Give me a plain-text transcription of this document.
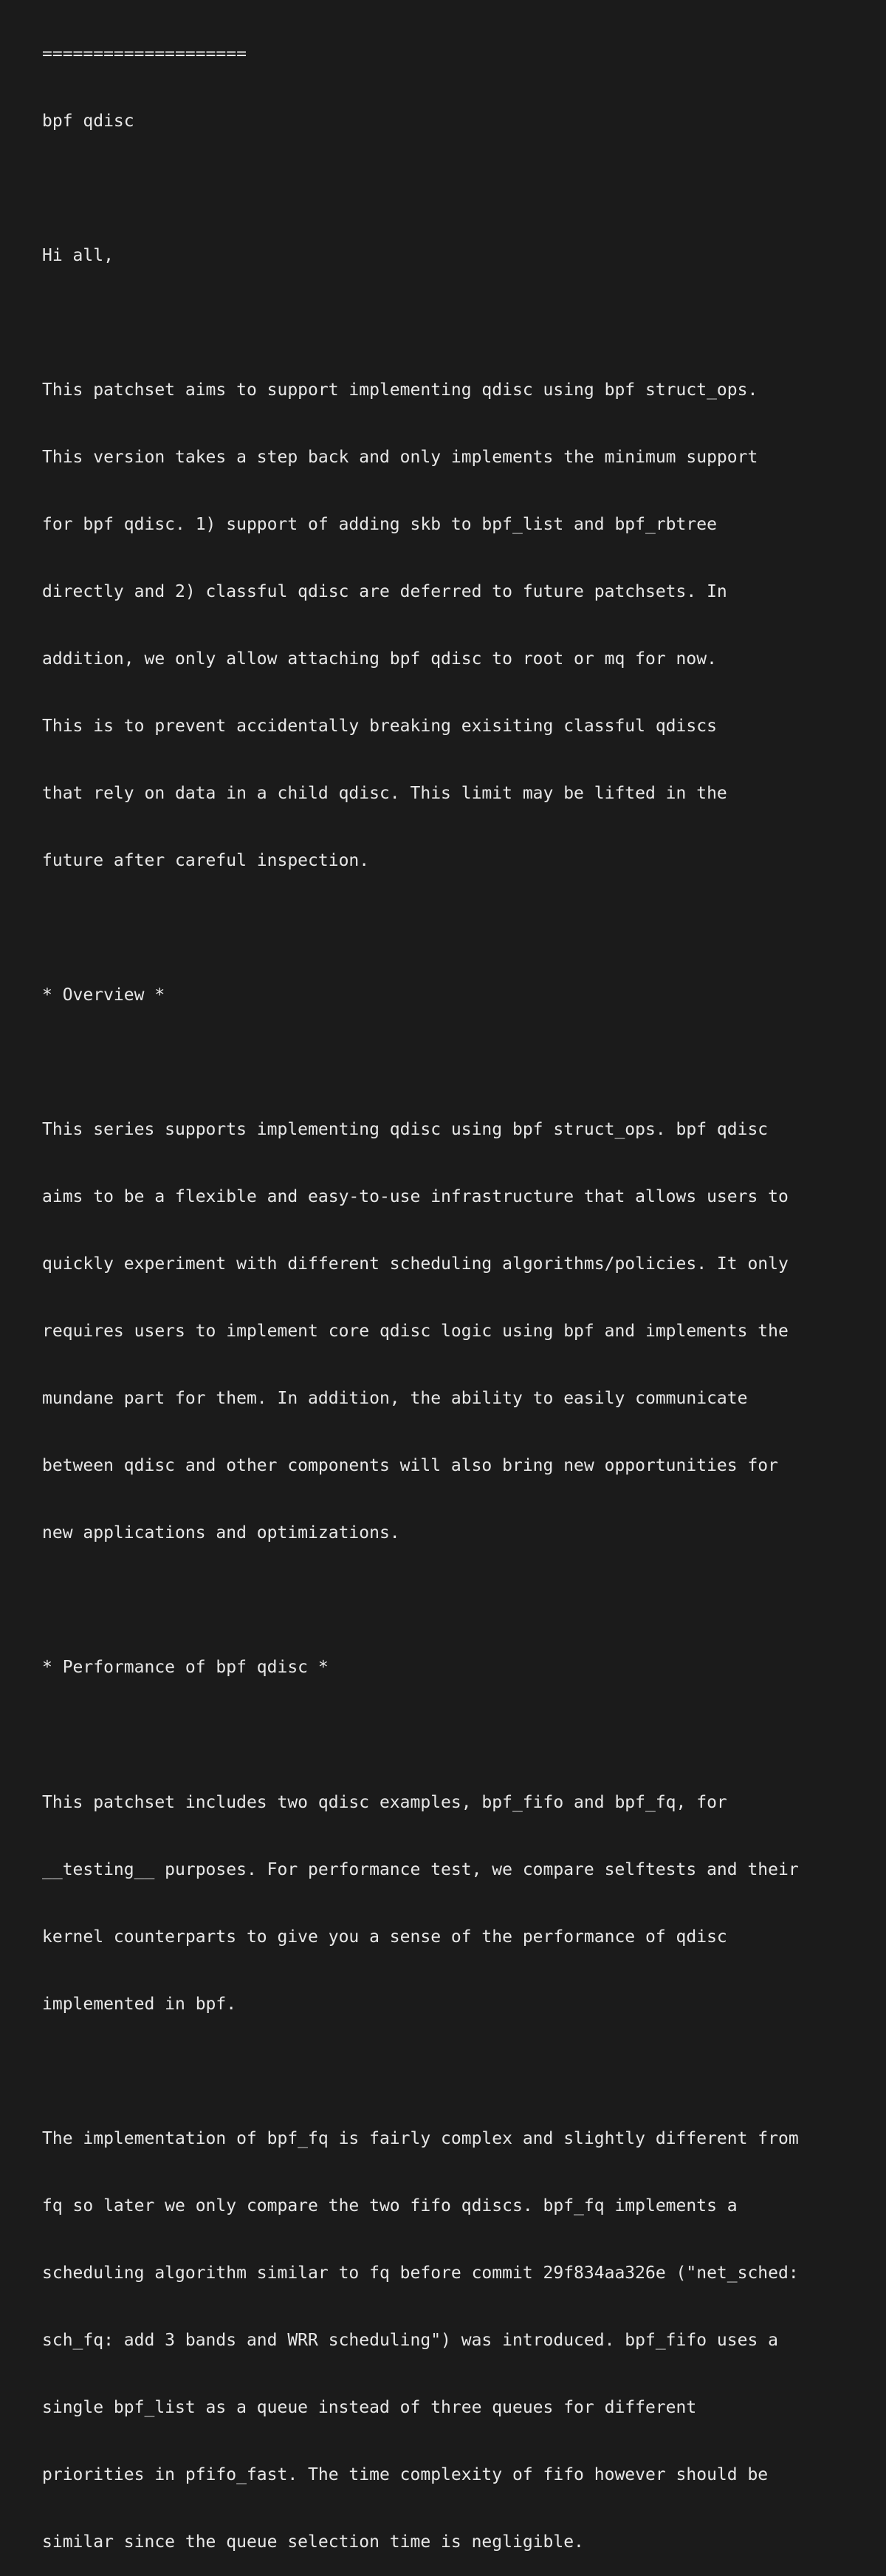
====================

bpf qdisc

Hi all,

This patchset aims to support implementing qdisc using bpf struct_ops.

This version takes a step back and only implements the minimum support

for bpf qdisc. 1) support of adding skb to bpf_list and bpf_rbtree

directly and 2) classful qdisc are deferred to future patchsets. In

addition, we only allow attaching bpf qdisc to root or mq for now.

This is to prevent accidentally breaking exisiting classful qdiscs

that rely on data in a child qdisc. This limit may be lifted in the

future after careful inspection.

* Overview *

This series supports implementing qdisc using bpf struct_ops. bpf qdisc

aims to be a flexible and easy-to-use infrastructure that allows users to

quickly experiment with different scheduling algorithms/policies. It only

requires users to implement core qdisc logic using bpf and implements the

mundane part for them. In addition, the ability to easily communicate

between qdisc and other components will also bring new opportunities for

new applications and optimizations.

* Performance of bpf qdisc *

This patchset includes two qdisc examples, bpf_fifo and bpf_fq, for

__testing__ purposes. For performance test, we compare selftests and their

kernel counterparts to give you a sense of the performance of qdisc

implemented in bpf.

The implementation of bpf_fq is fairly complex and slightly different from

fq so later we only compare the two fifo qdiscs. bpf_fq implements a

scheduling algorithm similar to fq before commit 29f834aa326e ("net_sched:

sch_fq: add 3 bands and WRR scheduling") was introduced. bpf_fifo uses a

single bpf_list as a queue instead of three queues for different

priorities in pfifo_fast. The time complexity of fifo however should be

similar since the queue selection time is negligible.
